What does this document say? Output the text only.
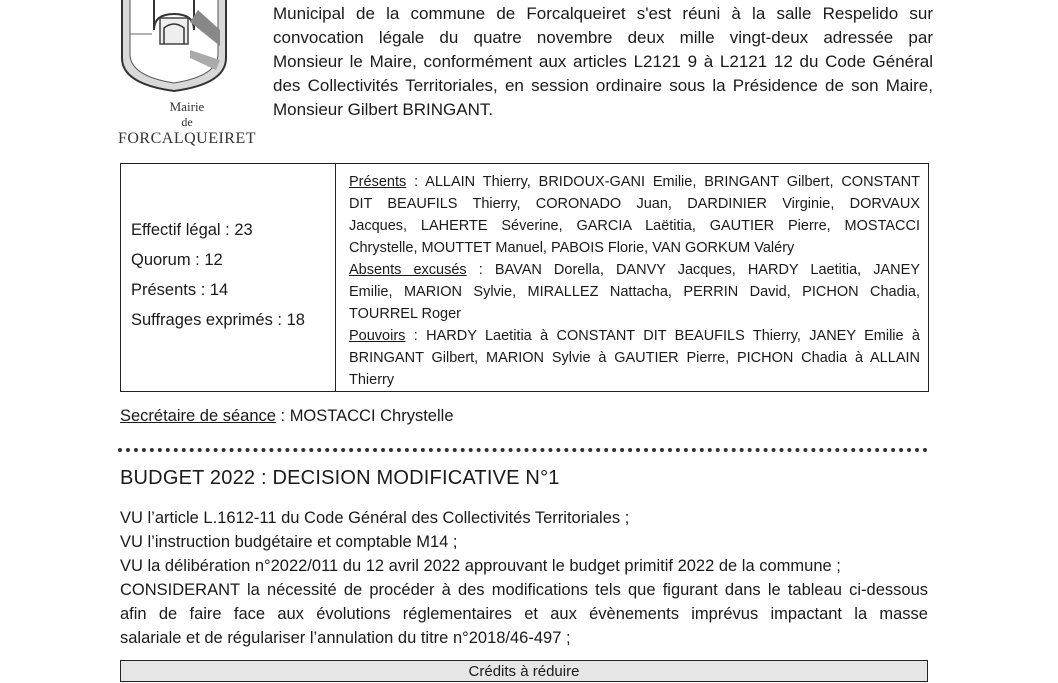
Mairie
de
FORCALQUEIRET
Municipal de la commune de Forcalqueiret s'est réuni à la salle Respelido sur
convocation légale du quatre novembre deux mille vingt-deux adressée par
Monsieur le Maire, conformément aux articles L2121 9 à L2121 12 du Code Général
des Collectivités Territoriales, en session ordinaire sous la Présidence de son Maire,
Monsieur Gilbert BRINGANT.
Effectif légal : 23
Quorum : 12
Présents : 14
Suffrages exprimés : 18
Présents : ALLAIN Thierry, BRIDOUX-GANI Emilie, BRINGANT Gilbert, CONSTANT
DIT BEAUFILS Thierry, CORONADO Juan, DARDINIER Virginie, DORVAUX
Jacques, LAHERTE Séverine, GARCIA Laëtitia, GAUTIER Pierre, MOSTACCI
Chrystelle, MOUTTET Manuel, PABOIS Florie, VAN GORKUM Valéry
Absents excusés : BAVAN Dorella, DANVY Jacques, HARDY Laetitia, JANEY
Emilie, MARION Sylvie, MIRALLEZ Nattacha, PERRIN David, PICHON Chadia,
TOURREL Roger
Pouvoirs : HARDY Laetitia à CONSTANT DIT BEAUFILS Thierry, JANEY Emilie à
BRINGANT Gilbert, MARION Sylvie à GAUTIER Pierre, PICHON Chadia à ALLAIN
Thierry
Secrétaire de séance : MOSTACCI Chrystelle
BUDGET 2022 : DECISION MODIFICATIVE N°1
VU l’article L.1612-11 du Code Général des Collectivités Territoriales ;
VU l’instruction budgétaire et comptable M14 ;
VU la délibération n°2022/011 du 12 avril 2022 approuvant le budget primitif 2022 de la commune ;
CONSIDERANT la nécessité de procéder à des modifications tels que figurant dans le tableau ci-dessous
afin de faire face aux évolutions réglementaires et aux évènements imprévus impactant la masse
salariale et de régulariser l’annulation du titre n°2018/46-497 ;
Crédits à réduire
